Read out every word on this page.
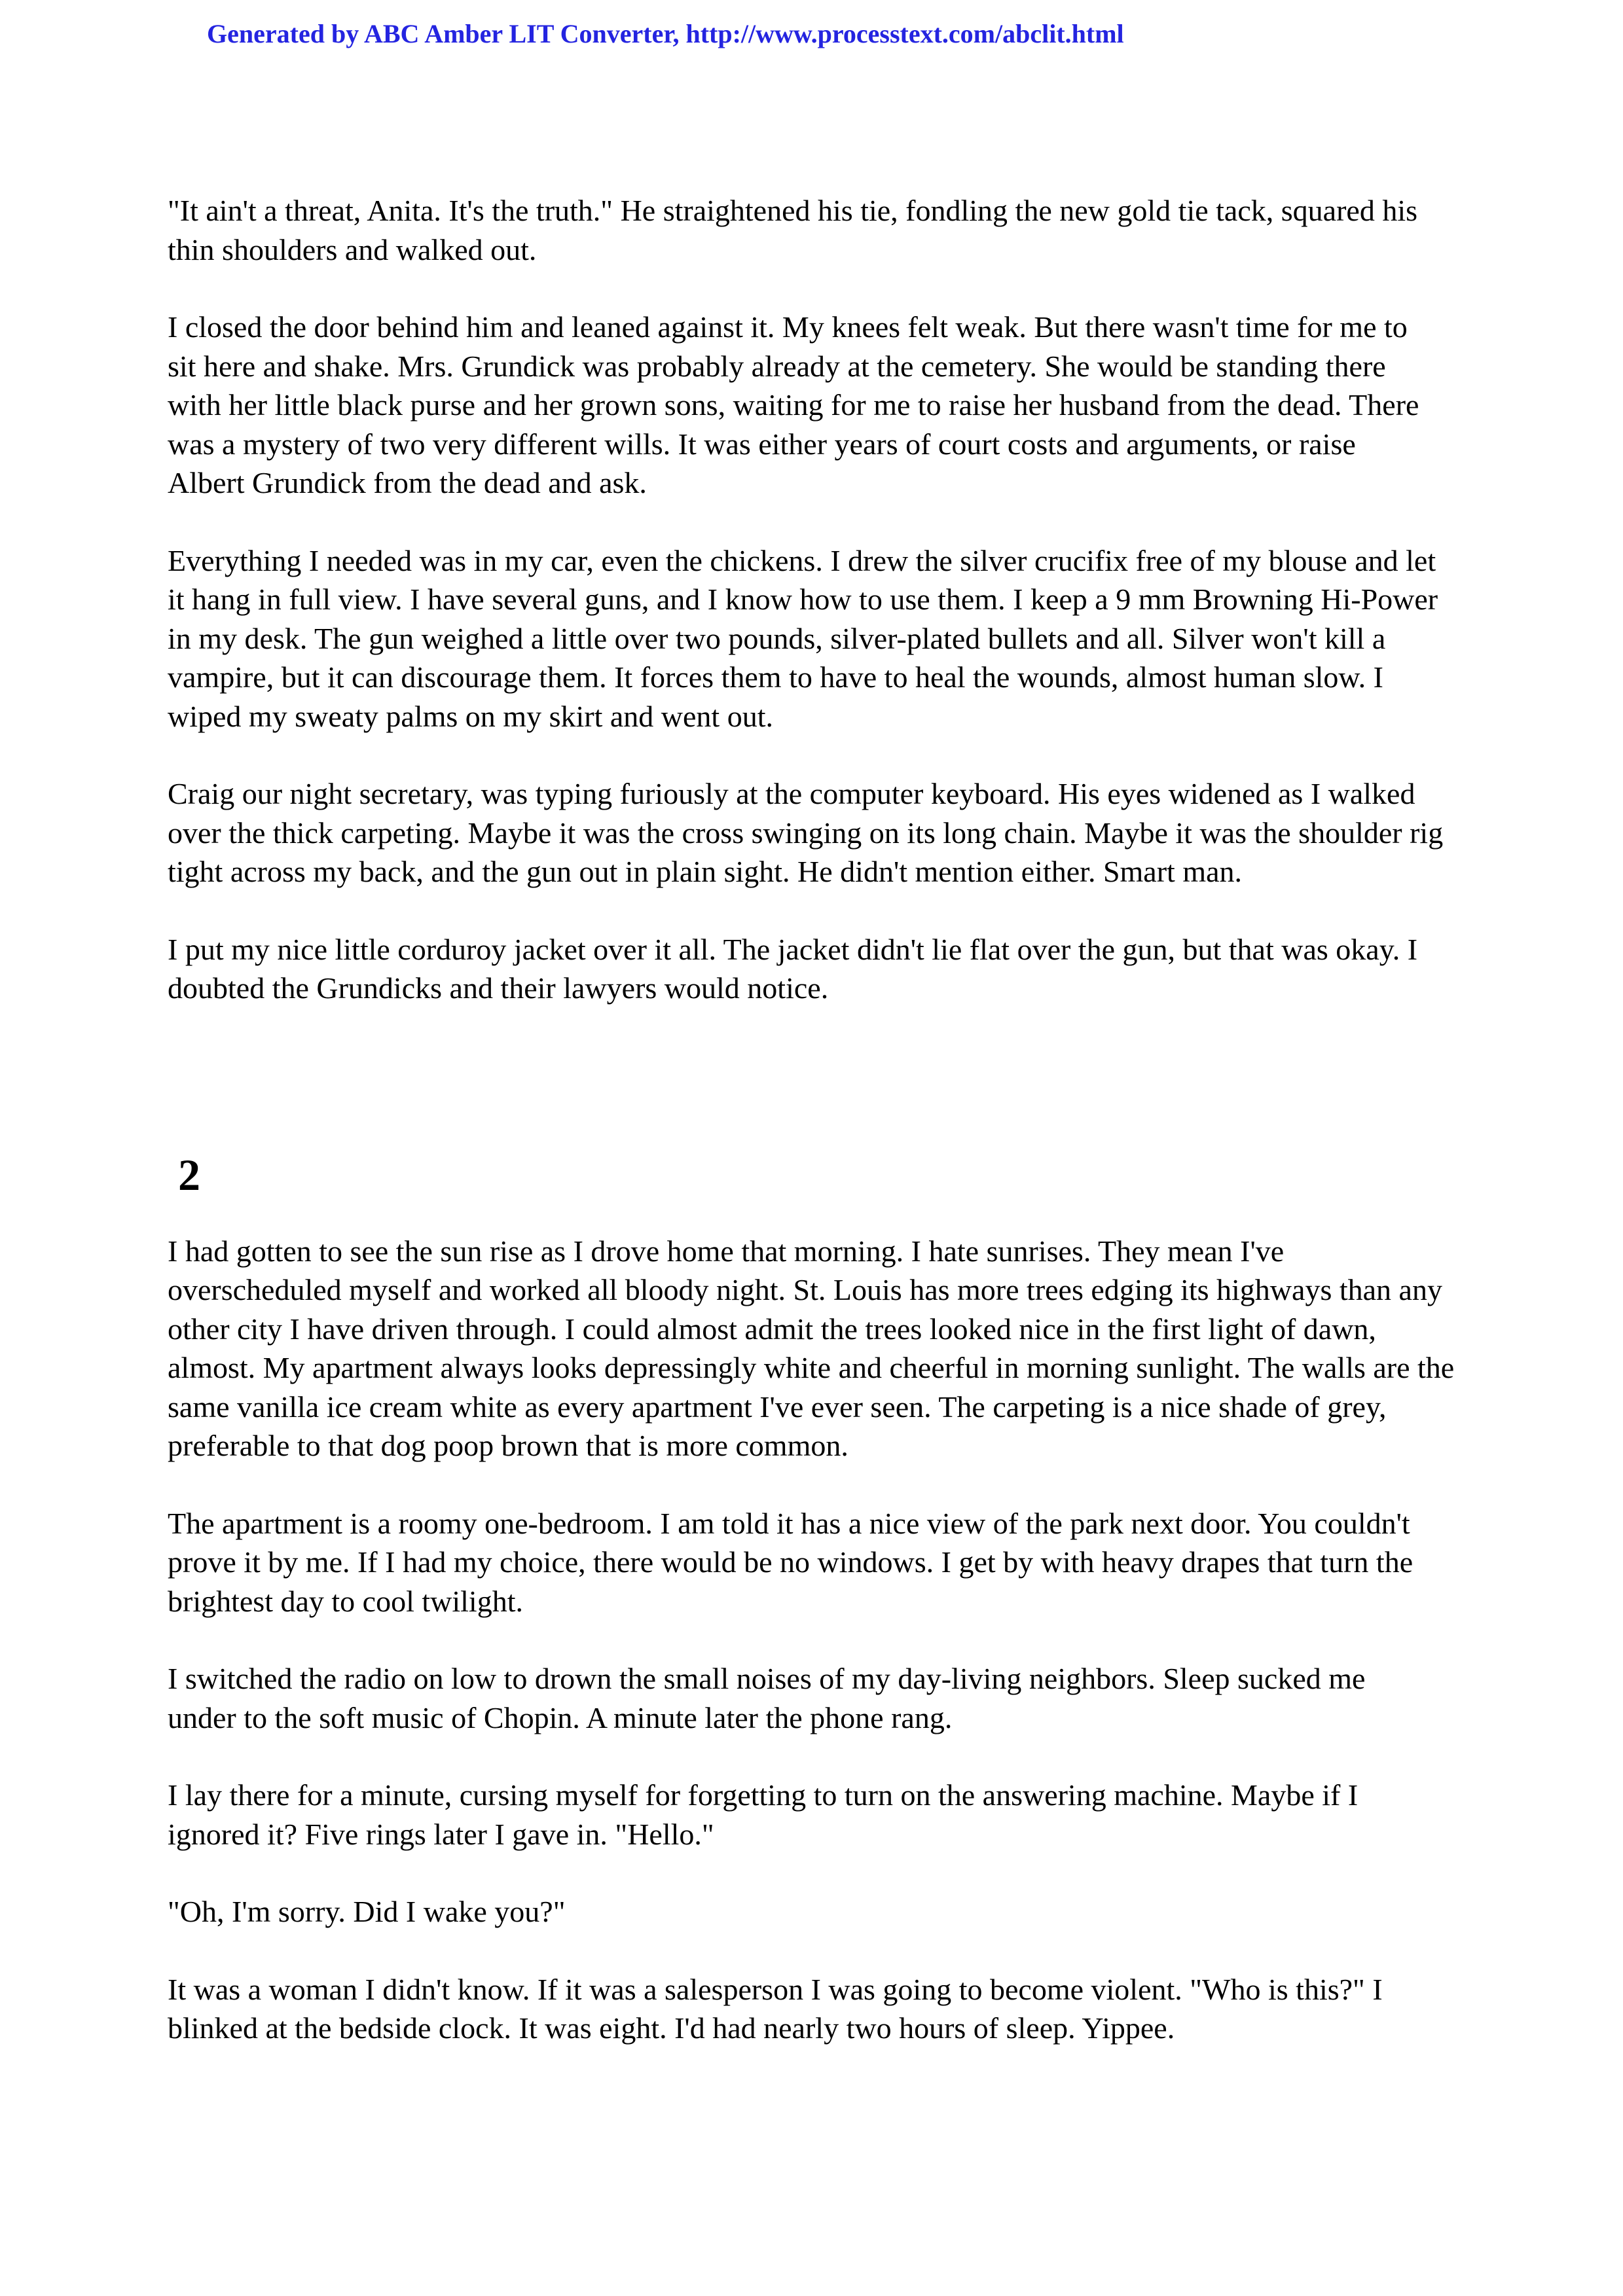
Generated by ABC Amber LIT Converter, http://www.processtext.com/abclit.html
"It ain't a threat, Anita. It's the truth." He straightened his tie, fondling the new gold tie tack, squared his
thin shoulders and walked out.
I closed the door behind him and leaned against it. My knees felt weak. But there wasn't time for me to
sit here and shake. Mrs. Grundick was probably already at the cemetery. She would be standing there
with her little black purse and her grown sons, waiting for me to raise her husband from the dead. There
was a mystery of two very different wills. It was either years of court costs and arguments, or raise
Albert Grundick from the dead and ask.
Everything I needed was in my car, even the chickens. I drew the silver crucifix free of my blouse and let
it hang in full view. I have several guns, and I know how to use them. I keep a 9 mm Browning Hi-Power
in my desk. The gun weighed a little over two pounds, silver-plated bullets and all. Silver won't kill a
vampire, but it can discourage them. It forces them to have to heal the wounds, almost human slow. I
wiped my sweaty palms on my skirt and went out.
Craig our night secretary, was typing furiously at the computer keyboard. His eyes widened as I walked
over the thick carpeting. Maybe it was the cross swinging on its long chain. Maybe it was the shoulder rig
tight across my back, and the gun out in plain sight. He didn't mention either. Smart man.
I put my nice little corduroy jacket over it all. The jacket didn't lie flat over the gun, but that was okay. I
doubted the Grundicks and their lawyers would notice.
2
I had gotten to see the sun rise as I drove home that morning. I hate sunrises. They mean I've
overscheduled myself and worked all bloody night. St. Louis has more trees edging its highways than any
other city I have driven through. I could almost admit the trees looked nice in the first light of dawn,
almost. My apartment always looks depressingly white and cheerful in morning sunlight. The walls are the
same vanilla ice cream white as every apartment I've ever seen. The carpeting is a nice shade of grey,
preferable to that dog poop brown that is more common.
The apartment is a roomy one-bedroom. I am told it has a nice view of the park next door. You couldn't
prove it by me. If I had my choice, there would be no windows. I get by with heavy drapes that turn the
brightest day to cool twilight.
I switched the radio on low to drown the small noises of my day-living neighbors. Sleep sucked me
under to the soft music of Chopin. A minute later the phone rang.
I lay there for a minute, cursing myself for forgetting to turn on the answering machine. Maybe if I
ignored it? Five rings later I gave in. "Hello."
"Oh, I'm sorry. Did I wake you?"
It was a woman I didn't know. If it was a salesperson I was going to become violent. "Who is this?" I
blinked at the bedside clock. It was eight. I'd had nearly two hours of sleep. Yippee.
